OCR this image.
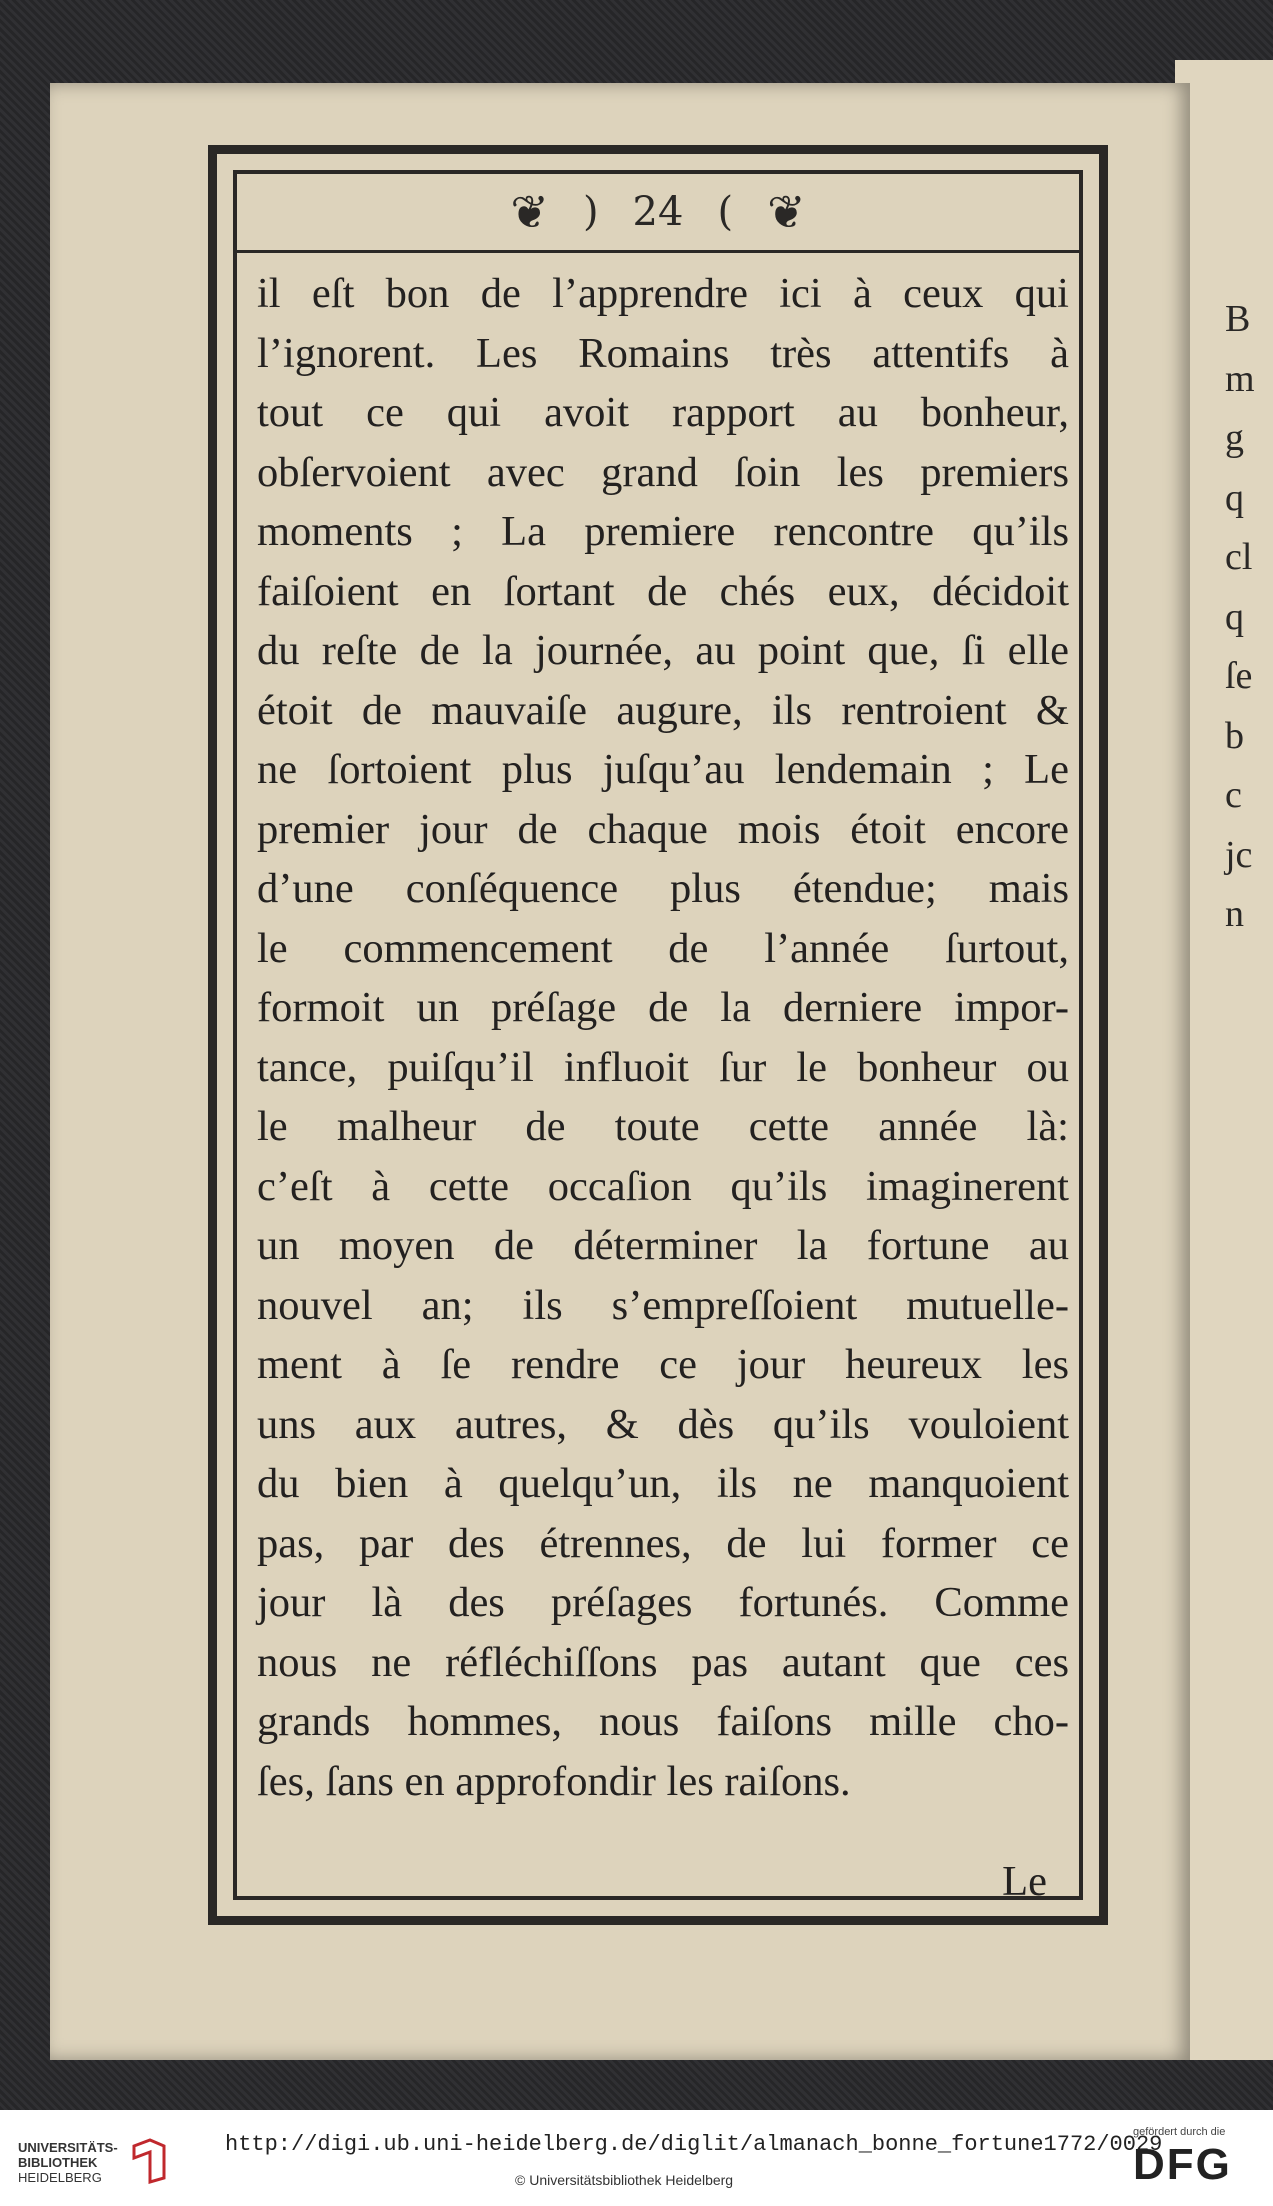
B
m
g
q
cl
q
ſe
b
c
jc
n
❦ ) 24 ( ❦
il eſt bon de l’apprendre ici à ceux qui
l’ignorent. Les Romains très attentifs à
tout ce qui avoit rapport au bonheur,
obſervoient avec grand ſoin les premiers
moments ; La premiere rencontre qu’ils
faiſoient en ſortant de chés eux, décidoit
du reſte de la journée, au point que, ſi elle
étoit de mauvaiſe augure, ils rentroient &
ne ſortoient plus juſqu’au lendemain ; Le
premier jour de chaque mois étoit encore
d’une conſéquence plus étendue; mais
le commencement de l’année ſurtout,
formoit un préſage de la derniere impor-
tance, puiſqu’il influoit ſur le bonheur ou
le malheur de toute cette année là:
c’eſt à cette occaſion qu’ils imaginerent
un moyen de déterminer la fortune au
nouvel an; ils s’empreſſoient mutuelle-
ment à ſe rendre ce jour heureux les
uns aux autres, & dès qu’ils vouloient
du bien à quelqu’un, ils ne manquoient
pas, par des étrennes, de lui former ce
jour là des préſages fortunés. Comme
nous ne réfléchiſſons pas autant que ces
grands hommes, nous faiſons mille cho-
ſes, ſans en approfondir les raiſons.
Le
UNIVERSITÄTS-
BIBLIOTHEK
HEIDELBERG
http://digi.ub.uni-heidelberg.de/diglit/almanach_bonne_fortune1772/0029
© Universitätsbibliothek Heidelberg
gefördert durch die
DFG
